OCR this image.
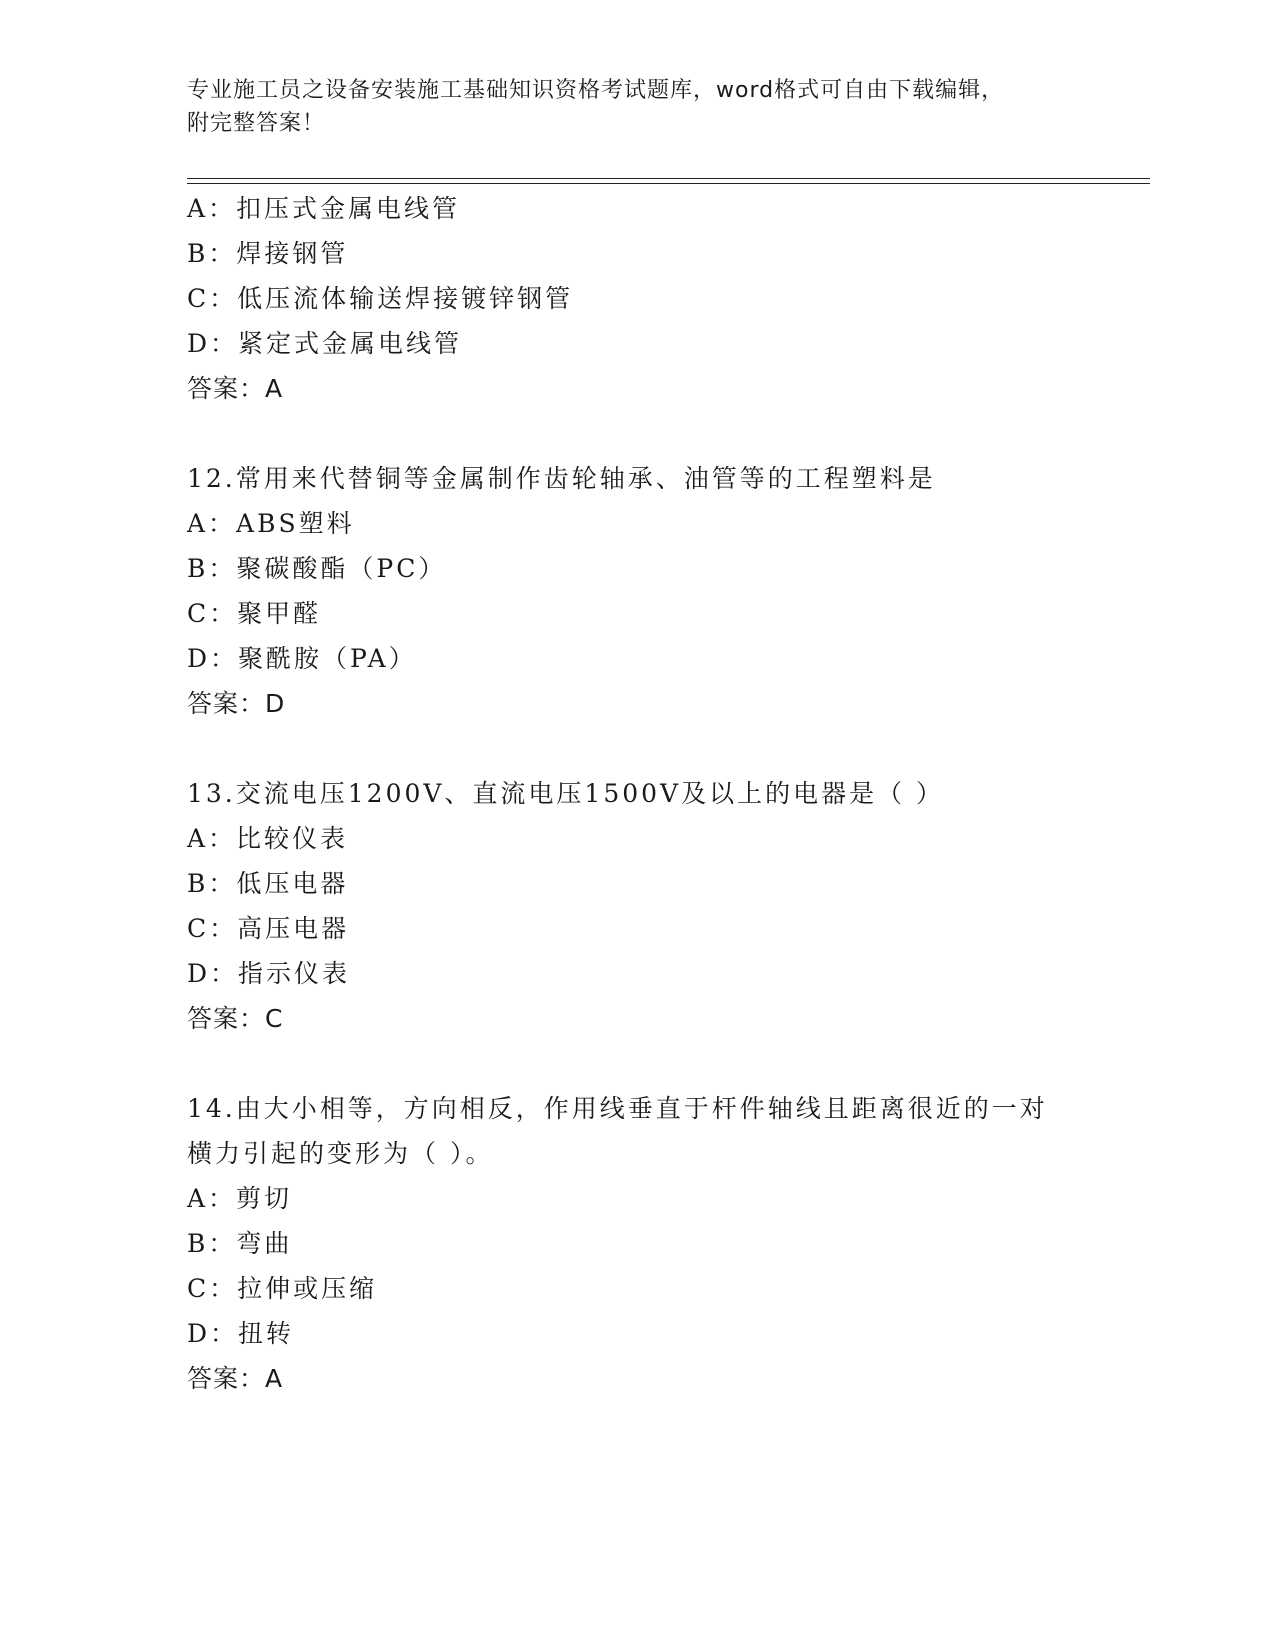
专业施工员之设备安装施工基础知识资格考试题库，word格式可自由下载编辑，
附完整答案！
A：扣压式金属电线管
B：焊接钢管
C：低压流体输送焊接镀锌钢管
D：紧定式金属电线管
答案：A
12.常用来代替铜等金属制作齿轮轴承、油管等的工程塑料是
A：ABS塑料
B：聚碳酸酯（PC）
C：聚甲醛
D：聚酰胺（PA）
答案：D
13.交流电压1200V、直流电压1500V及以上的电器是（ ）
A：比较仪表
B：低压电器
C：高压电器
D：指示仪表
答案：C
14.由大小相等，方向相反，作用线垂直于杆件轴线且距离很近的一对
横力引起的变形为（ ）。
A：剪切
B：弯曲
C：拉伸或压缩
D：扭转
答案：A
